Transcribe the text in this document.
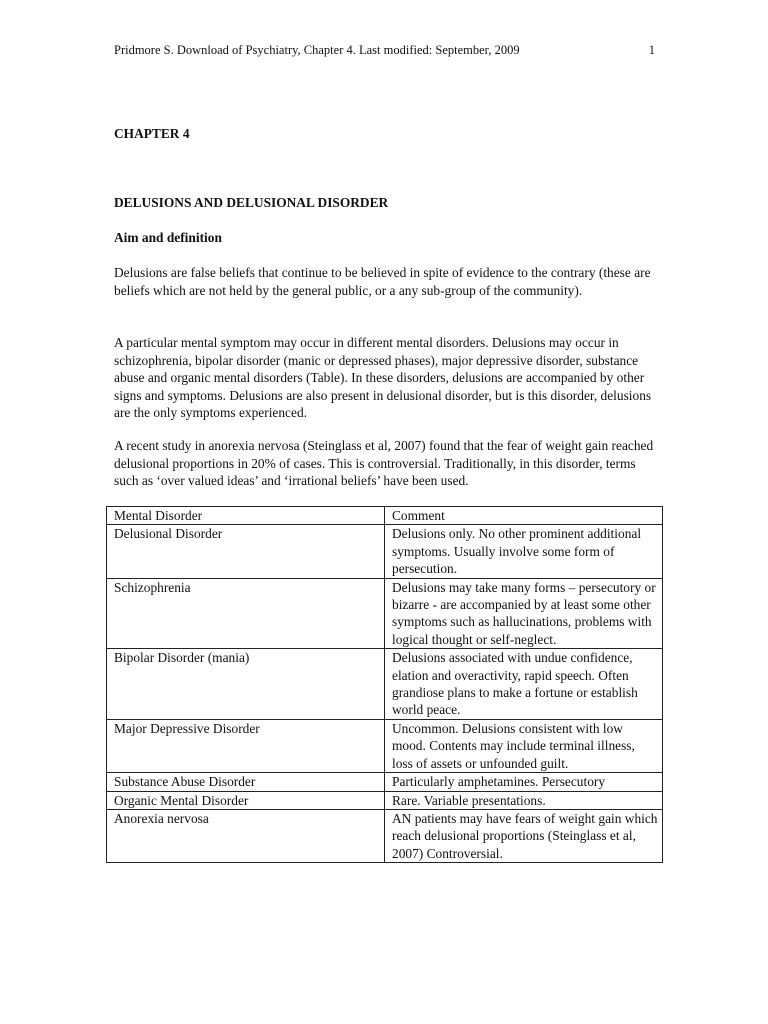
Pridmore S. Download of Psychiatry, Chapter 4. Last modified: September, 2009	1
CHAPTER 4
DELUSIONS AND DELUSIONAL DISORDER
Aim and definition
Delusions are false beliefs that continue to be believed in spite of evidence to the contrary (these are beliefs which are not held by the general public, or a any sub-group of the community).
A particular mental symptom may occur in different mental disorders. Delusions may occur in schizophrenia, bipolar disorder (manic or depressed phases), major depressive disorder, substance abuse and organic mental disorders (Table). In these disorders, delusions are accompanied by other signs and symptoms. Delusions are also present in delusional disorder, but is this disorder, delusions are the only symptoms experienced.
A recent study in anorexia nervosa (Steinglass et al, 2007) found that the fear of weight gain reached delusional proportions in 20% of cases. This is controversial. Traditionally, in this disorder, terms such as ‘over valued ideas’ and ‘irrational beliefs’ have been used.
Mental Disorder	Comment
Delusional Disorder	Delusions only. No other prominent additional symptoms. Usually involve some form of persecution.
Schizophrenia	Delusions may take many forms – persecutory or bizarre - are accompanied by at least some other symptoms such as hallucinations, problems with logical thought or self-neglect.
Bipolar Disorder (mania)	Delusions associated with undue confidence, elation and overactivity, rapid speech. Often grandiose plans to make a fortune or establish world peace.
Major Depressive Disorder	Uncommon. Delusions consistent with low mood. Contents may include terminal illness, loss of assets or unfounded guilt.
Substance Abuse Disorder	Particularly amphetamines. Persecutory
Organic Mental Disorder	Rare. Variable presentations.
Anorexia nervosa	AN patients may have fears of weight gain which reach delusional proportions (Steinglass et al, 2007) Controversial.
